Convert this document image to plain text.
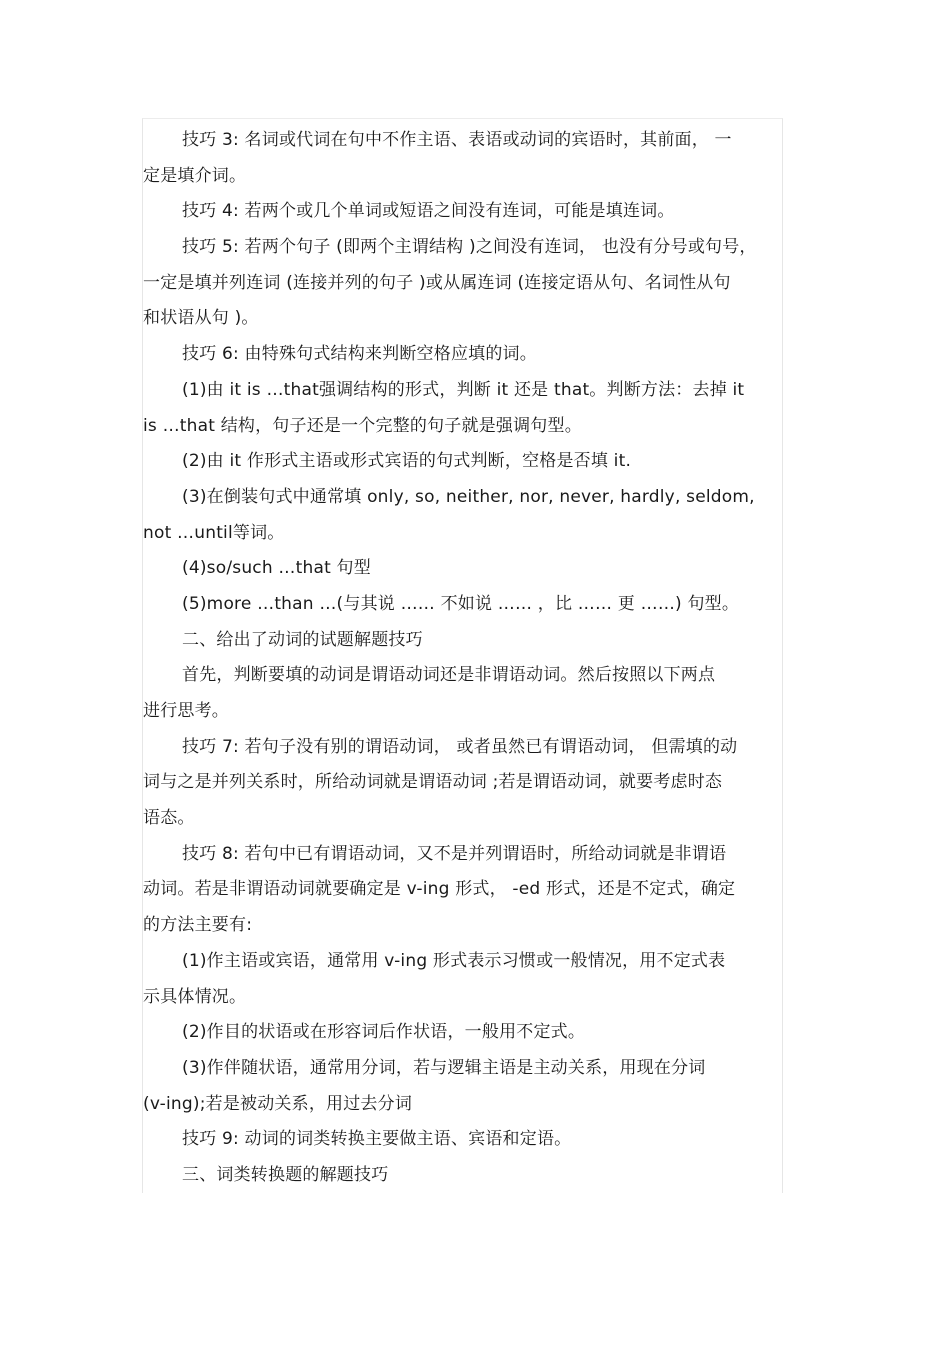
技巧 3: 名词或代词在句中不作主语、表语或动词的宾语时，其前面， 一
定是填介词。
技巧 4: 若两个或几个单词或短语之间没有连词，可能是填连词。
技巧 5: 若两个句子 (即两个主谓结构 )之间没有连词， 也没有分号或句号，
一定是填并列连词 (连接并列的句子 )或从属连词 (连接定语从句、名词性从句
和状语从句 )。
技巧 6: 由特殊句式结构来判断空格应填的词。
(1)由 it is …that强调结构的形式，判断 it 还是 that。判断方法：去掉 it
is …that 结构，句子还是一个完整的句子就是强调句型。
(2)由 it 作形式主语或形式宾语的句式判断，空格是否填 it.
(3)在倒装句式中通常填 only, so, neither, nor, never, hardly, seldom,
not …until等词。
(4)so/such …that 句型
(5)more …than …(与其说 …… 不如说 …… ，比 …… 更 ……) 句型。
二、给出了动词的试题解题技巧
首先，判断要填的动词是谓语动词还是非谓语动词。然后按照以下两点
进行思考。
技巧 7: 若句子没有别的谓语动词， 或者虽然已有谓语动词， 但需填的动
词与之是并列关系时，所给动词就是谓语动词 ;若是谓语动词，就要考虑时态
语态。
技巧 8: 若句中已有谓语动词，又不是并列谓语时，所给动词就是非谓语
动词。若是非谓语动词就要确定是 v-ing 形式， -ed 形式，还是不定式，确定
的方法主要有:
(1)作主语或宾语，通常用 v-ing 形式表示习惯或一般情况，用不定式表
示具体情况。
(2)作目的状语或在形容词后作状语，一般用不定式。
(3)作伴随状语，通常用分词，若与逻辑主语是主动关系，用现在分词
(v-ing);若是被动关系，用过去分词
技巧 9: 动词的词类转换主要做主语、宾语和定语。
三、词类转换题的解题技巧
